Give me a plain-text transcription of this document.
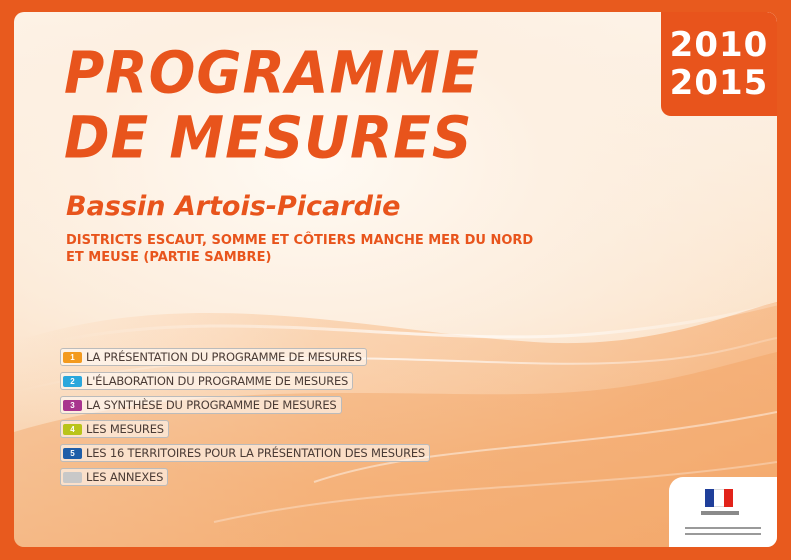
2010
2015
PROGRAMME
DE MESURES
Bassin Artois-Picardie
DISTRICTS ESCAUT, SOMME ET CÔTIERS MANCHE MER DU NORD
ET MEUSE (PARTIE SAMBRE)
1 LA PRÉSENTATION DU PROGRAMME DE MESURES
2 L'ÉLABORATION DU PROGRAMME DE MESURES
3 LA SYNTHÈSE DU PROGRAMME DE MESURES
4 LES MESURES
5 LES 16 TERRITOIRES POUR LA PRÉSENTATION DES MESURES
LES ANNEXES
